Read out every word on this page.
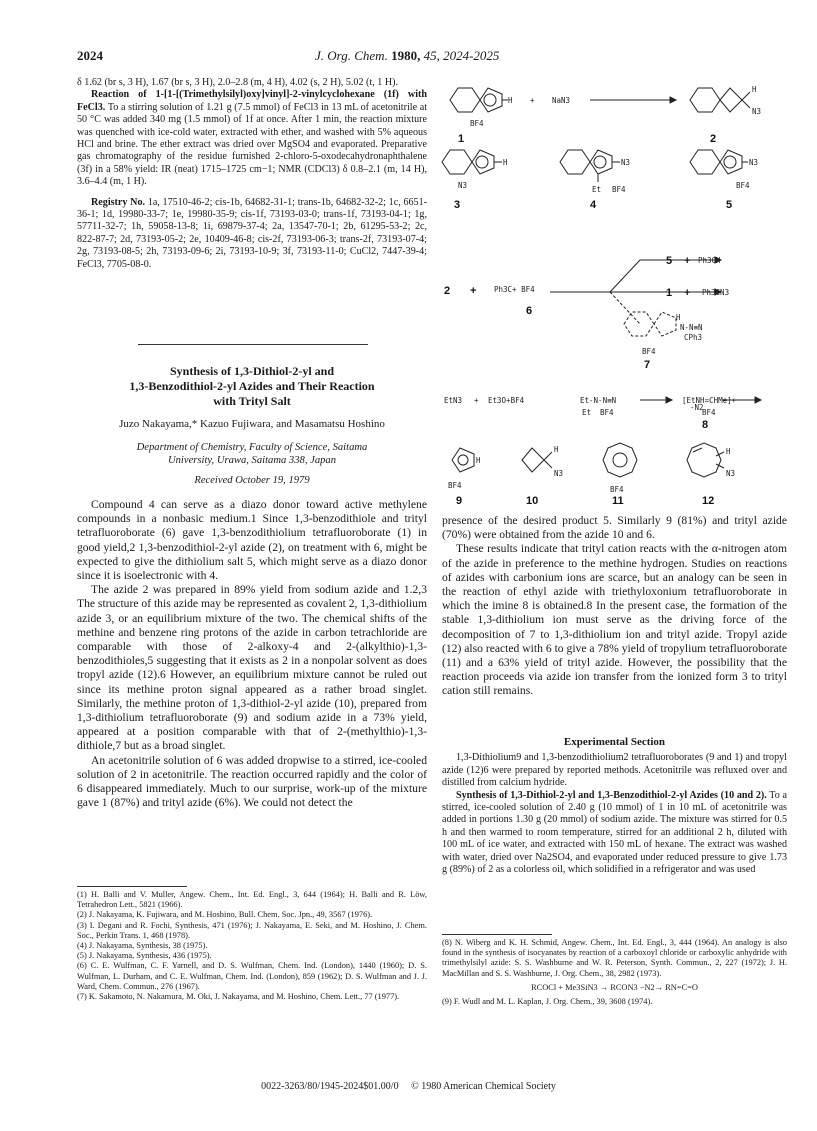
2024	J. Org. Chem. 1980, 45, 2024-2025

δ 1.62 (br s, 3 H), 1.67 (br s, 3 H), 2.0–2.8 (m, 4 H), 4.02 (s, 2 H), 5.02 (t, 1 H).

Reaction of 1-[1-[(Trimethylsilyl)oxy]vinyl]-2-vinylcyclohexane (1f) with FeCl3. To a stirring solution of 1.21 g (7.5 mmol) of FeCl3 in 13 mL of acetonitrile at 50 °C was added 340 mg (1.5 mmol) of 1f at once. After 1 min, the reaction mixture was quenched with ice-cold water, extracted with ether, and washed with 5% aqueous HCl and brine. The ether extract was dried over MgSO4 and evaporated. Preparative gas chromatography of the residue furnished 2-chloro-5-oxodecahydronaphthalene (3f) in a 58% yield: IR (neat) 1715–1725 cm−1; NMR (CDCl3) δ 0.8–2.1 (m, 14 H), 3.6–4.4 (m, 1 H).

Registry No. 1a, 17510-46-2; cis-1b, 64682-31-1; trans-1b, 64682-32-2; 1c, 6651-36-1; 1d, 19980-33-7; 1e, 19980-35-9; cis-1f, 73193-03-0; trans-1f, 73193-04-1; 1g, 57711-32-7; 1h, 59058-13-8; 1i, 69879-37-4; 2a, 13547-70-1; 2b, 61295-53-2; 2c, 822-87-7; 2d, 73193-05-2; 2e, 10409-46-8; cis-2f, 73193-06-3; trans-2f, 73193-07-4; 2g, 73193-08-5; 2h, 73193-09-6; 2i, 73193-10-9; 3f, 73193-11-0; CuCl2, 7447-39-4; FeCl3, 7705-08-0.

Synthesis of 1,3-Dithiol-2-yl and
1,3-Benzodithiol-2-yl Azides and Their Reaction
with Trityl Salt
Juzo Nakayama,* Kazuo Fujiwara, and Masamatsu Hoshino
Department of Chemistry, Faculty of Science, Saitama
University, Urawa, Saitama 338, Japan
Received October 19, 1979

Compound 4 can serve as a diazo donor toward active methylene compounds in a nonbasic medium.1 Since 1,3-benzodithiole and trityl tetrafluoroborate (6) gave 1,3-benzodithiolium tetrafluoroborate (1) in good yield,2 1,3-benzodithiol-2-yl azide (2), on treatment with 6, might be expected to give the dithiolium salt 5, which might serve as a diazo donor since it is isoelectronic with 4.

The azide 2 was prepared in 89% yield from sodium azide and 1.2,3 The structure of this azide may be represented as covalent 2, 1,3-dithiolium azide 3, or an equilibrium mixture of the two. The chemical shifts of the methine and benzene ring protons of the azide in carbon tetrachloride are comparable with those of 2-alkoxy-4 and 2-(alkylthio)-1,3-benzodithioles,5 suggesting that it exists as 2 in a nonpolar solvent as does tropyl azide (12).6 However, an equilibrium mixture cannot be ruled out since its methine proton signal appeared as a rather broad singlet. Similarly, the methine proton of 1,3-dithiol-2-yl azide (10), prepared from 1,3-dithiolium tetrafluoroborate (9) and sodium azide in a 73% yield, appeared at a position comparable with that of 2-(methylthio)-1,3-dithiole,7 but as a broad singlet.

An acetonitrile solution of 6 was added dropwise to a stirred, ice-cooled solution of 2 in acetonitrile. The reaction occurred rapidly and the color of 6 disappeared immediately. Much to our surprise, work-up of the mixture gave 1 (87%) and trityl azide (6%). We could not detect the

(1) H. Balli and V. Muller, Angew. Chem., Int. Ed. Engl., 3, 644 (1964); H. Balli and R. Löw, Tetrahedron Lett., 5821 (1966).
(2) J. Nakayama, K. Fujiwara, and M. Hoshino, Bull. Chem. Soc. Jpn., 49, 3567 (1976).
(3) I. Degani and R. Fochi, Synthesis, 471 (1976); J. Nakayama, E. Seki, and M. Hoshino, J. Chem. Soc., Perkin Trans. 1, 468 (1978).
(4) J. Nakayama, Synthesis, 38 (1975).
(5) J. Nakayama, Synthesis, 436 (1975).
(6) C. E. Wulfman, C. F. Yarnell, and D. S. Wulfman, Chem. Ind. (London), 1440 (1960); D. S. Wulfman, L. Durham, and C. E. Wulfman, Chem. Ind. (London), 859 (1962); D. S. Wulfman and J. J. Ward, Chem. Commun., 276 (1967).
(7) K. Sakamoto, N. Nakamura, M. Oki, J. Nakayama, and M. Hoshino, Chem. Lett., 77 (1977).
H + NaN3
BF4
H
N3
H
N3
N3
Et BF4
N3
BF4
Ph3C+ BF4
Ph3CH
Ph3CN3
H
N-N≡N
CPh3
BF4
EtN3 + Et3O+BF4	Et-N-N≡N
Et BF4
-N2
[EtNH=CHMe]+
BF4
H
BF4
H
N3
BF4
H
N3
1	2
3	4	5
2 +
6
5 +
1 +
7
8
9	10	11	12

presence of the desired product 5. Similarly 9 (81%) and trityl azide (70%) were obtained from the azide 10 and 6.

These results indicate that trityl cation reacts with the α-nitrogen atom of the azide in preference to the methine hydrogen. Studies on reactions of azides with carbonium ions are scarce, but an analogy can be seen in the reaction of ethyl azide with triethyloxonium tetrafluoroborate in which the imine 8 is obtained.8 In the present case, the formation of the stable 1,3-dithiolium ion must serve as the driving force of the decomposition of 7 to 1,3-dithiolium ion and trityl azide. Tropyl azide (12) also reacted with 6 to give a 78% yield of tropylium tetrafluoroborate (11) and a 63% yield of trityl azide. However, the possibility that the reaction proceeds via azide ion transfer from the ionized form 3 to trityl cation still remains.

Experimental Section

1,3-Dithiolium9 and 1,3-benzodithiolium2 tetrafluoroborates (9 and 1) and tropyl azide (12)6 were prepared by reported methods. Acetonitrile was refluxed over and distilled from calcium hydride.

Synthesis of 1,3-Dithiol-2-yl and 1,3-Benzodithiol-2-yl Azides (10 and 2). To a stirred, ice-cooled solution of 2.40 g (10 mmol) of 1 in 10 mL of acetonitrile was added in portions 1.30 g (20 mmol) of sodium azide. The mixture was stirred for 0.5 h and then warmed to room temperature, stirred for an additional 2 h, diluted with 100 mL of ice water, and extracted with 150 mL of hexane. The extract was washed with water, dried over Na2SO4, and evaporated under reduced pressure to give 1.73 g (89%) of 2 as a colorless oil, which solidified in a refrigerator and was used

(8) N. Wiberg and K. H. Schmid, Angew. Chem., Int. Ed. Engl., 3, 444 (1964). An analogy is also found in the synthesis of isocyanates by reaction of a carboxoyl chloride or carboxylic anhydride with trimethylsilyl azide: S. S. Washburne and W. R. Peterson, Synth. Commun., 2, 227 (1972); J. H. MacMillan and S. S. Washburne, J. Org. Chem., 38, 2982 (1973).
RCOCl + Me3SiN3 → RCON3 −N2→ RN=C=O
(9) F. Wudl and M. L. Kaplan, J. Org. Chem., 39, 3608 (1974).
0022-3263/80/1945-2024$01.00/0 © 1980 American Chemical Society
